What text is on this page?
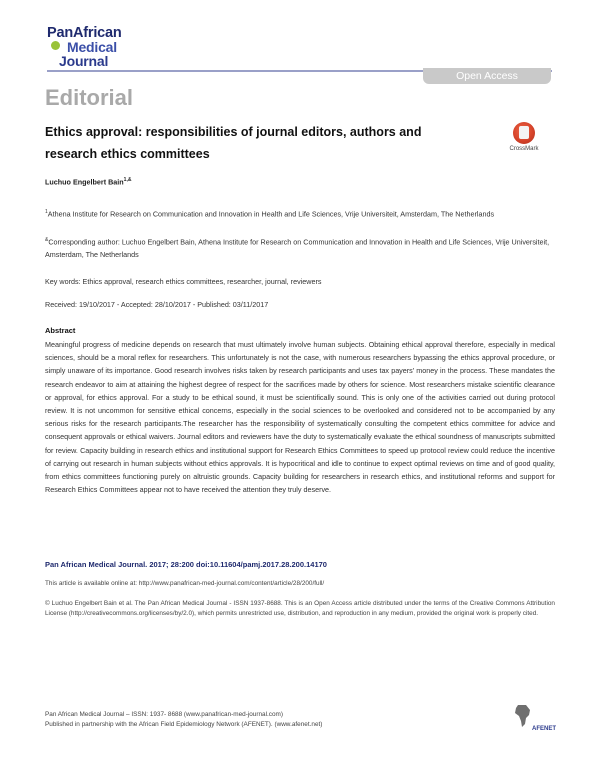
PanAfrican
Medical
Journal
Open Access
Editorial
Ethics approval: responsibilities of journal editors, authors and research ethics committees	CrossMark
Luchuo Engelbert Bain$^{1,\&}$
$^1$Athena Institute for Research on Communication and Innovation in Health and Life Sciences, Vrije Universiteit, Amsterdam, The Netherlands
&Corresponding author: Luchuo Engelbert Bain, Athena Institute for Research on Communication and Innovation in Health and Life Sciences, Vrije Universiteit, Amsterdam, The Netherlands
Key words: Ethics approval, research ethics committees, researcher, journal, reviewers
Received: 19/10/2017 - Accepted: 28/10/2017 - Published: 03/11/2017
Abstract
Meaningful progress of medicine depends on research that must ultimately involve human subjects. Obtaining ethical approval therefore, especially in medical sciences, should be a moral reflex for researchers. This unfortunately is not the case, with numerous researchers bypassing the ethics approval procedure, or simply unaware of its importance. Good research involves risks taken by research participants and uses tax payers' money in the process. These mandates the research endeavor to aim at attaining the highest degree of respect for the sacrifices made by others for science. Most researchers mistake scientific clearance or approval, for ethics approval. For a study to be ethical sound, it must be scientifically sound. This is only one of the activities carried out during protocol review. It is not uncommon for sensitive ethical concerns, especially in the social sciences to be overlooked and considered not to be accompanied by any serious risks for the research participants.The researcher has the responsibility of systematically consulting the competent ethics committee for advice and consequent approvals or ethical waivers. Journal editors and reviewers have the duty to systematically evaluate the ethical soundness of manuscripts submitted for review. Capacity building in research ethics and institutional support for Research Ethics Committees to speed up protocol review could reduce the incentive of carrying out research in human subjects without ethics approvals. It is hypocritical and idle to continue to expect optimal reviews on time and of good quality, from ethics committees functioning purely on altruistic grounds. Capacity building for researchers in research ethics, and institutional reforms and support for Research Ethics Committees appear not to have received the attention they truly deserve.
Pan African Medical Journal. 2017; 28:200 doi:10.11604/pamj.2017.28.200.14170
This article is available online at: http://www.panafrican-med-journal.com/content/article/28/200/full/
© Luchuo Engelbert Bain et al. The Pan African Medical Journal - ISSN 1937-8688. This is an Open Access article distributed under the terms of the Creative Commons Attribution License (http://creativecommons.org/licenses/by/2.0), which permits unrestricted use, distribution, and reproduction in any medium, provided the original work is properly cited.
Pan African Medical Journal – ISSN: 1937- 8688 (www.panafrican-med-journal.com)
Published in partnership with the African Field Epidemiology Network (AFENET). (www.afenet.net)
AFENET
